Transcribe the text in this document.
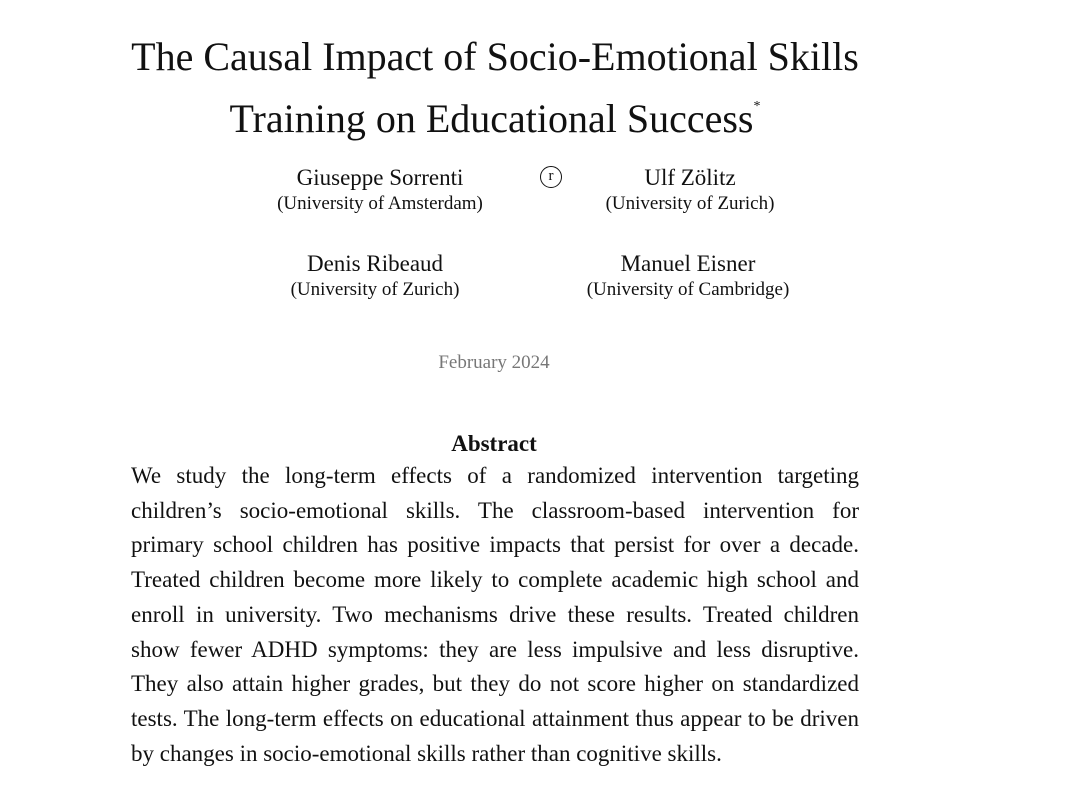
The Causal Impact of Socio-Emotional Skills
Training on Educational Success*
Giuseppe Sorrenti
(University of Amsterdam)
r	Ulf Zölitz
(University of Zurich)
Denis Ribeaud
(University of Zurich)
Manuel Eisner
(University of Cambridge)
February 2024
Abstract

We study the long-term effects of a randomized intervention targeting children’s socio-emotional skills. The classroom-based intervention for primary school children has positive impacts that persist for over a decade. Treated children become more likely to complete academic high school and enroll in university. Two mechanisms drive these results. Treated children show fewer ADHD symptoms: they are less impulsive and less disruptive. They also attain higher grades, but they do not score higher on standardized tests. The long-term effects on educational attainment thus appear to be driven by changes in socio-emotional skills rather than cognitive skills.
